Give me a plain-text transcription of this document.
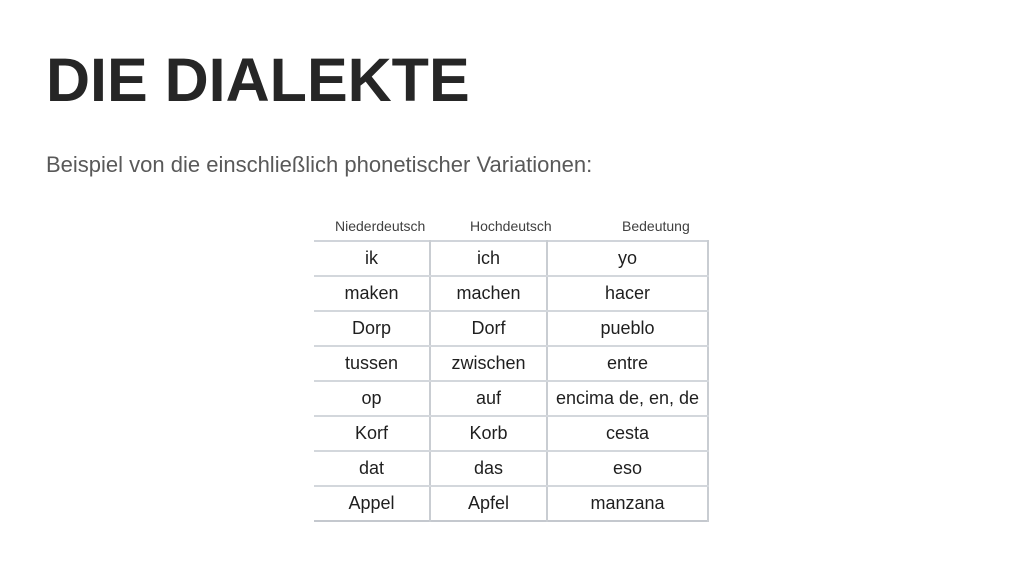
DIE DIALEKTE

Beispiel von die einschließlich phonetischer Variationen:

Niederdeutsch	Hochdeutsch	Bedeutung
ik	ich	yo
maken	machen	hacer
Dorp	Dorf	pueblo
tussen	zwischen	entre
op	auf	encima de, en, de
Korf	Korb	cesta
dat	das	eso
Appel	Apfel	manzana
